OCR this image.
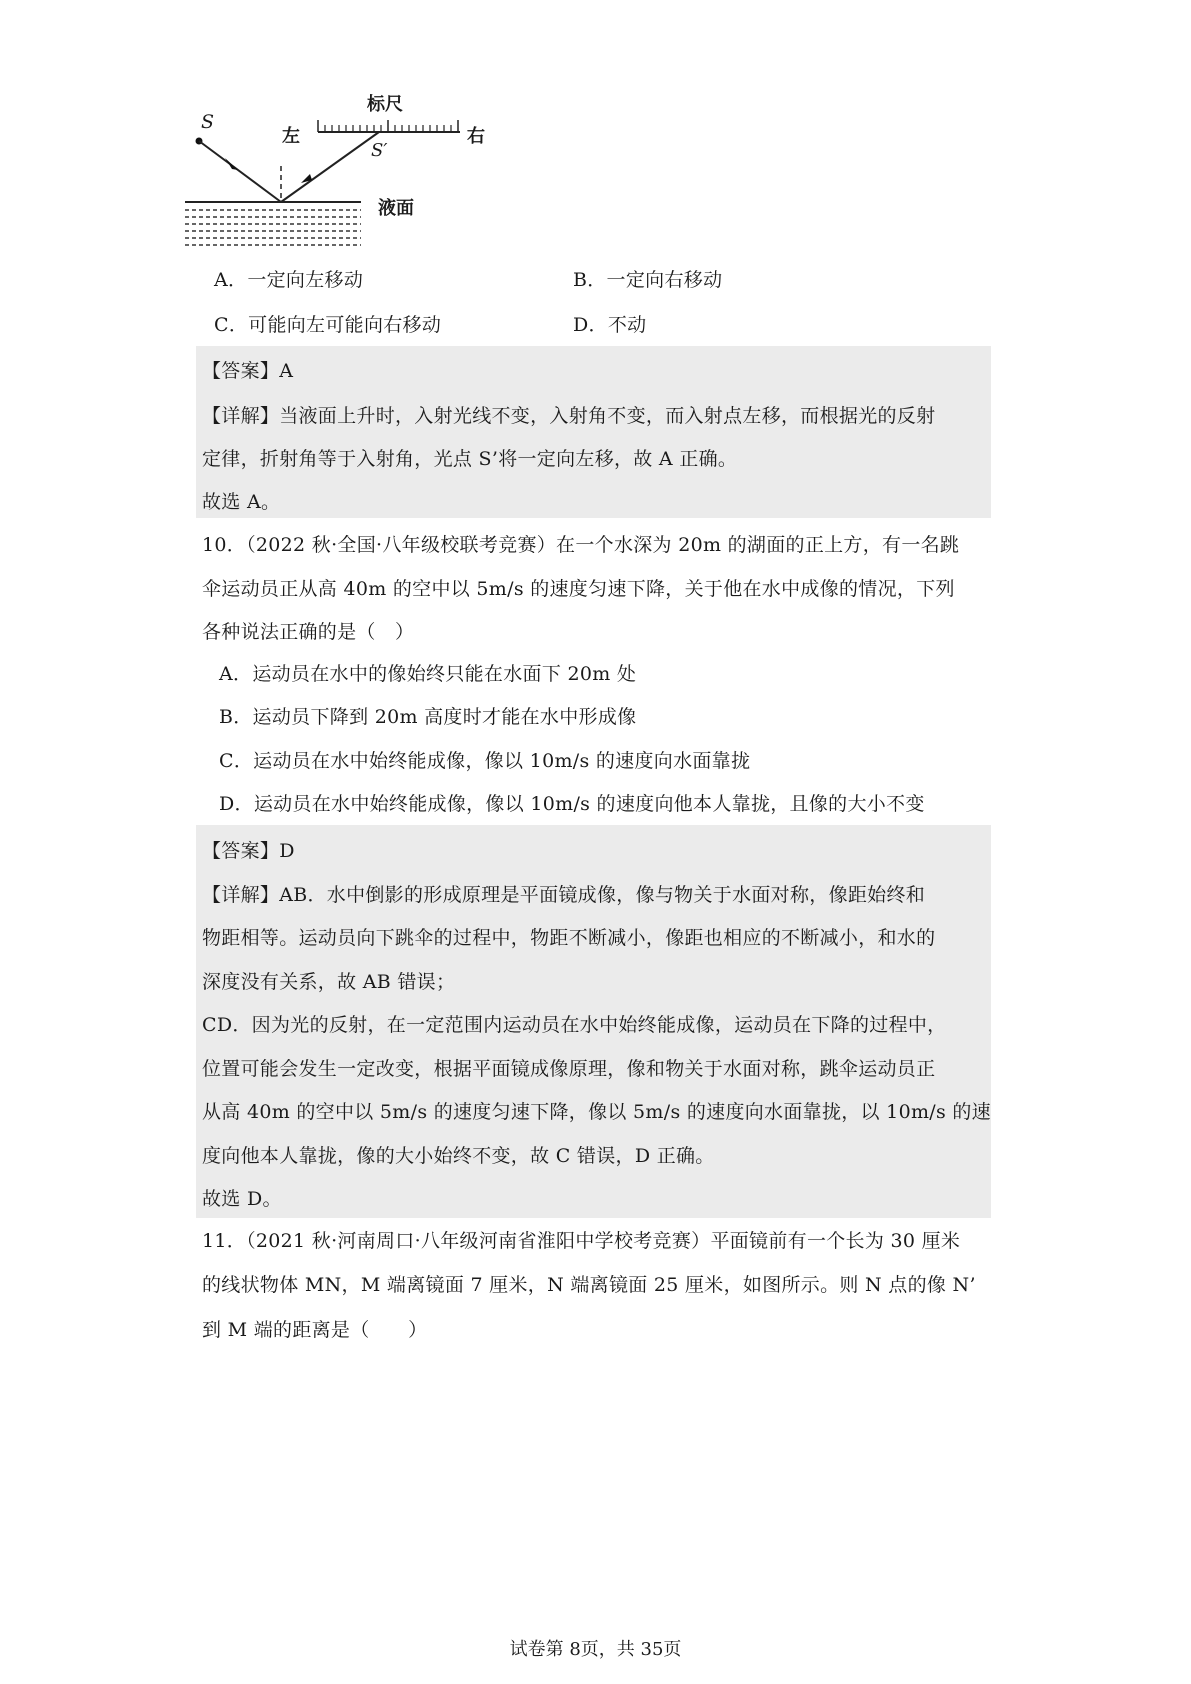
标尺
左	右
S
S′
液面
A．一定向左移动	B．一定向右移动
C．可能向左可能向右移动	D．不动
【答案】A
【详解】当液面上升时，入射光线不变，入射角不变，而入射点左移，而根据光的反射
定律，折射角等于入射角，光点 S’将一定向左移，故 A 正确。
故选 A。
10．（2022 秋·全国·八年级校联考竞赛）在一个水深为 20m 的湖面的正上方，有一名跳
伞运动员正从高 40m 的空中以 5m/s 的速度匀速下降，关于他在水中成像的情况，下列
各种说法正确的是（　）
A．运动员在水中的像始终只能在水面下 20m 处
B．运动员下降到 20m 高度时才能在水中形成像
C．运动员在水中始终能成像，像以 10m/s 的速度向水面靠拢
D．运动员在水中始终能成像，像以 10m/s 的速度向他本人靠拢，且像的大小不变
【答案】D
【详解】AB．水中倒影的形成原理是平面镜成像，像与物关于水面对称，像距始终和
物距相等。运动员向下跳伞的过程中，物距不断减小，像距也相应的不断减小，和水的
深度没有关系，故 AB 错误；
CD．因为光的反射，在一定范围内运动员在水中始终能成像，运动员在下降的过程中，
位置可能会发生一定改变，根据平面镜成像原理，像和物关于水面对称，跳伞运动员正
从高 40m 的空中以 5m/s 的速度匀速下降，像以 5m/s 的速度向水面靠拢，以 10m/s 的速
度向他本人靠拢，像的大小始终不变，故 C 错误，D 正确。
故选 D。
11．（2021 秋·河南周口·八年级河南省淮阳中学校考竞赛）平面镜前有一个长为 30 厘米
的线状物体 MN，M 端离镜面 7 厘米，N 端离镜面 25 厘米，如图所示。则 N 点的像 N’
到 M 端的距离是（　　）
试卷第 8页，共 35页
